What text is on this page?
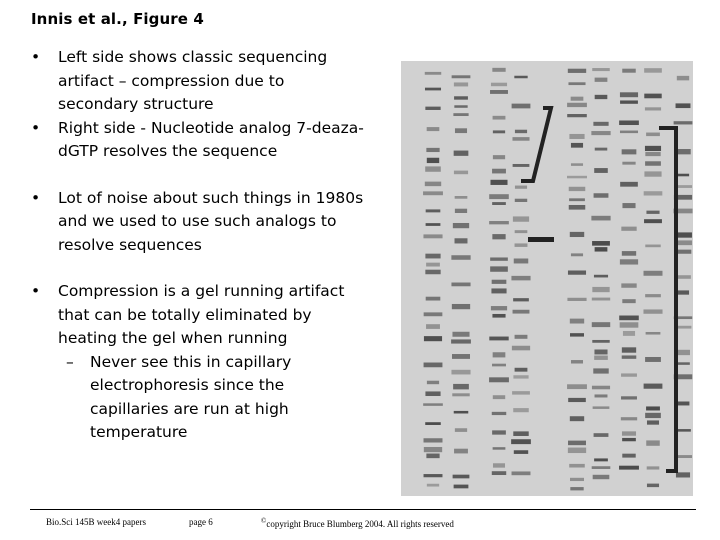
Innis et al., Figure 4
• Left side shows classic sequencing artifact – compression due to secondary structure
• Right side - Nucleotide analog 7-deaza-dGTP resolves the sequence
• Lot of noise about such things in 1980s and we used to use such analogs to resolve sequences
• Compression is a gel running artifact that can be totally eliminated by heating the gel when running
– Never see this in capillary electrophoresis since the capillaries are run at high temperature
Bio.Sci 145B week4 papers	page 6	©copyright Bruce Blumberg 2004. All rights reserved
